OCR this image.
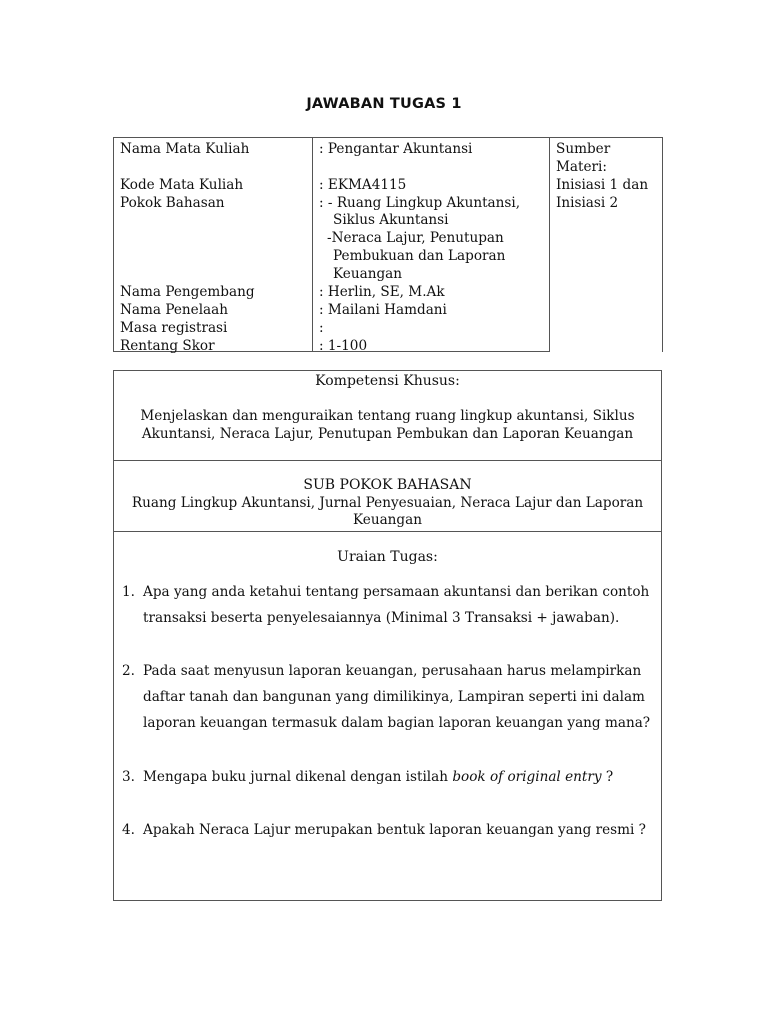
JAWABAN TUGAS 1
Nama Mata Kuliah
Kode Mata Kuliah
Pokok Bahasan
Nama Pengembang
Nama Penelaah
Masa registrasi
Rentang Skor
: Pengantar Akuntansi
: EKMA4115
: - Ruang Lingkup Akuntansi,
Siklus Akuntansi
-Neraca Lajur, Penutupan
Pembukuan dan Laporan
Keuangan
: Herlin, SE, M.Ak
: Mailani Hamdani
:
: 1-100
Sumber
Materi:
Inisiasi 1 dan
Inisiasi 2
Kompetensi Khusus:
Menjelaskan dan menguraikan tentang ruang lingkup akuntansi, Siklus
Akuntansi, Neraca Lajur, Penutupan Pembukan dan Laporan Keuangan
SUB POKOK BAHASAN
Ruang Lingkup Akuntansi, Jurnal Penyesuaian, Neraca Lajur dan Laporan
Keuangan
Uraian Tugas:
1. Apa yang anda ketahui tentang persamaan akuntansi dan berikan contoh
transaksi beserta penyelesaiannya (Minimal 3 Transaksi + jawaban).
2. Pada saat menyusun laporan keuangan, perusahaan harus melampirkan
daftar tanah dan bangunan yang dimilikinya, Lampiran seperti ini dalam
laporan keuangan termasuk dalam bagian laporan keuangan yang mana?
3. Mengapa buku jurnal dikenal dengan istilah book of original entry ?
4. Apakah Neraca Lajur merupakan bentuk laporan keuangan yang resmi ?
